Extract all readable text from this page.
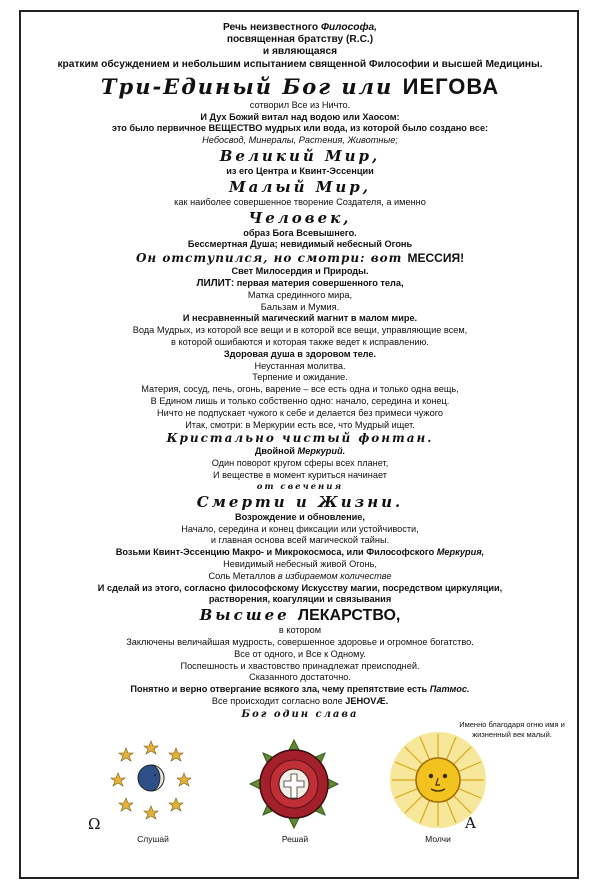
Речь неизвестного Философа,
посвященная братству (R.C.)
и являющаяся
кратким обсуждением и небольшим испытанием священной Философии и высшей Медицины.
Три-Единый Бог или ИЕГОВА
сотворил Все из Ничто.
И Дух Божий витал над водою или Хаосом:
это было первичное ВЕЩЕСТВО мудрых или вода, из которой было создано все:
Небосвод, Минералы, Растения, Животные;
Великий Мир,
из его Центра и Квинт-Эссенции
Малый Мир,
как наиболее совершенное творение Создателя, а именно
Человек,
образ Бога Всевышнего.
Бессмертная Душа; невидимый небесный Огонь
Он отступился, но смотри: вот МЕССИЯ!
Свет Милосердия и Природы.
ЛИЛИТ: первая материя совершенного тела,
Матка срединного мира,
Бальзам и Мумия.
И несравненный магический магнит в малом мире.
Вода Мудрых, из которой все вещи и в которой все вещи, управляющие всем,
в которой ошибаются и которая также ведет к исправлению.
Здоровая душа в здоровом теле.
Неустанная молитва.
Терпение и ожидание.
Материя, сосуд, печь, огонь, варение – все есть одна и только одна вещь,
В Едином лишь и только собственно одно: начало, середина и конец.
Ничто не подпускает чужого к себе и делается без примеси чужого
Итак, смотри: в Меркурии есть все, что Мудрый ищет.
Кристально чистый фонтан.
Двойной Меркурий.
Один поворот кругом сферы всех планет,
И веществе в момент куриться начинает
от свечения
Смерти и Жизни.
Возрождение и обновление,
Начало, середина и конец фиксации или устойчивости,
и главная основа всей магической тайны.
Возьми Квинт-Эссенцию Макро- и Микрокосмоса, или Философского Меркурия,
Невидимый небесный живой Огонь,
Соль Металлов в избираемом количестве
И сделай из этого, согласно философскому Искусству магии, посредством циркуляции,
растворения, коагуляции и связывания
Высшее ЛЕКАРСТВО,
в котором
Заключены величайшая мудрость, совершенное здоровье и огромное богатство.
Все от одного, и Все к Одному.
Поспешность и хвастовство принадлежат преисподней.
Сказанного достаточно.
Понятно и верно отвергание всякого зла, чему препятствие есть Патмос.
Все происходит согласно воле JEHOVÆ.
Бог один слава
Именно благодаря огню имя и жизненный век малый.
Ω
Слушай	Решай
A
Молчи
